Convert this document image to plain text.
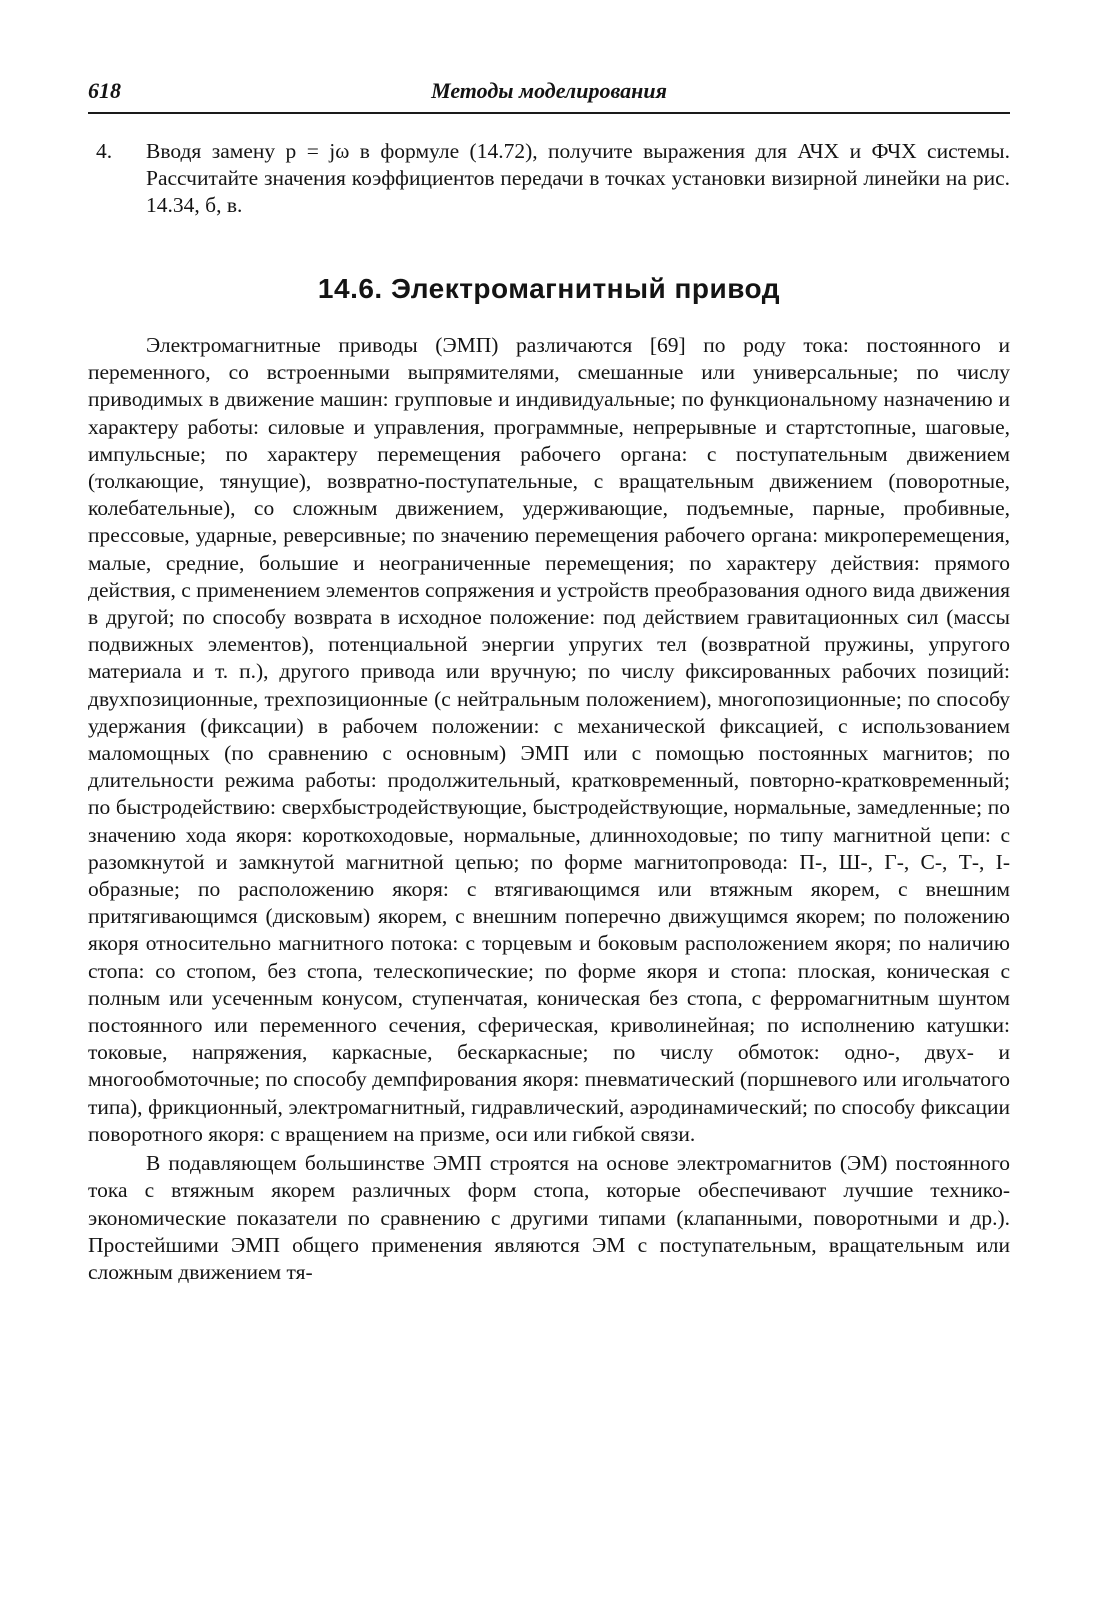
618	Методы моделирования
4. Вводя замену p = jω в формуле (14.72), получите выражения для АЧХ и ФЧХ системы. Рассчитайте значения коэффициентов передачи в точках установки визирной линейки на рис. 14.34, б, в.
14.6. Электромагнитный привод

Электромагнитные приводы (ЭМП) различаются [69] по роду тока: постоянного и переменного, со встроенными выпрямителями, смешанные или универсальные; по числу приводимых в движение машин: групповые и индивидуальные; по функциональному назначению и характеру работы: силовые и управления, программные, непрерывные и стартстопные, шаговые, импульсные; по характеру перемещения рабочего органа: с поступательным движением (толкающие, тянущие), возвратно-поступательные, с вращательным движением (поворотные, колебательные), со сложным движением, удерживающие, подъемные, парные, пробивные, прессовые, ударные, реверсивные; по значению перемещения рабочего органа: микроперемещения, малые, средние, большие и неограниченные перемещения; по характеру действия: прямого действия, с применением элементов сопряжения и устройств преобразования одного вида движения в другой; по способу возврата в исходное положение: под действием гравитационных сил (массы подвижных элементов), потенциальной энергии упругих тел (возвратной пружины, упругого материала и т. п.), другого привода или вручную; по числу фиксированных рабочих позиций: двухпозиционные, трехпозиционные (с нейтральным положением), многопозиционные; по способу удержания (фиксации) в рабочем положении: с механической фиксацией, с использованием маломощных (по сравнению с основным) ЭМП или с помощью постоянных магнитов; по длительности режима работы: продолжительный, кратковременный, повторно-кратковременный; по быстродействию: сверхбыстродействующие, быстродействующие, нормальные, замедленные; по значению хода якоря: короткоходовые, нормальные, длинноходовые; по типу магнитной цепи: с разомкнутой и замкнутой магнитной цепью; по форме магнитопровода: П-, Ш-, Г-, С-, Т-, I-образные; по расположению якоря: с втягивающимся или втяжным якорем, с внешним притягивающимся (дисковым) якорем, с внешним поперечно движущимся якорем; по положению якоря относительно магнитного потока: с торцевым и боковым расположением якоря; по наличию стопа: со стопом, без стопа, телескопические; по форме якоря и стопа: плоская, коническая с полным или усеченным конусом, ступенчатая, коническая без стопа, с ферромагнитным шунтом постоянного или переменного сечения, сферическая, криволинейная; по исполнению катушки: токовые, напряжения, каркасные, бескаркасные; по числу обмоток: одно-, двух- и многообмоточные; по способу демпфирования якоря: пневматический (поршневого или игольчатого типа), фрикционный, электромагнитный, гидравлический, аэродинамический; по способу фиксации поворотного якоря: с вращением на призме, оси или гибкой связи.

В подавляющем большинстве ЭМП строятся на основе электромагнитов (ЭМ) постоянного тока с втяжным якорем различных форм стопа, которые обеспечивают лучшие технико-экономические показатели по сравнению с другими типами (клапанными, поворотными и др.). Простейшими ЭМП общего применения являются ЭМ с поступательным, вращательным или сложным движением тя-
